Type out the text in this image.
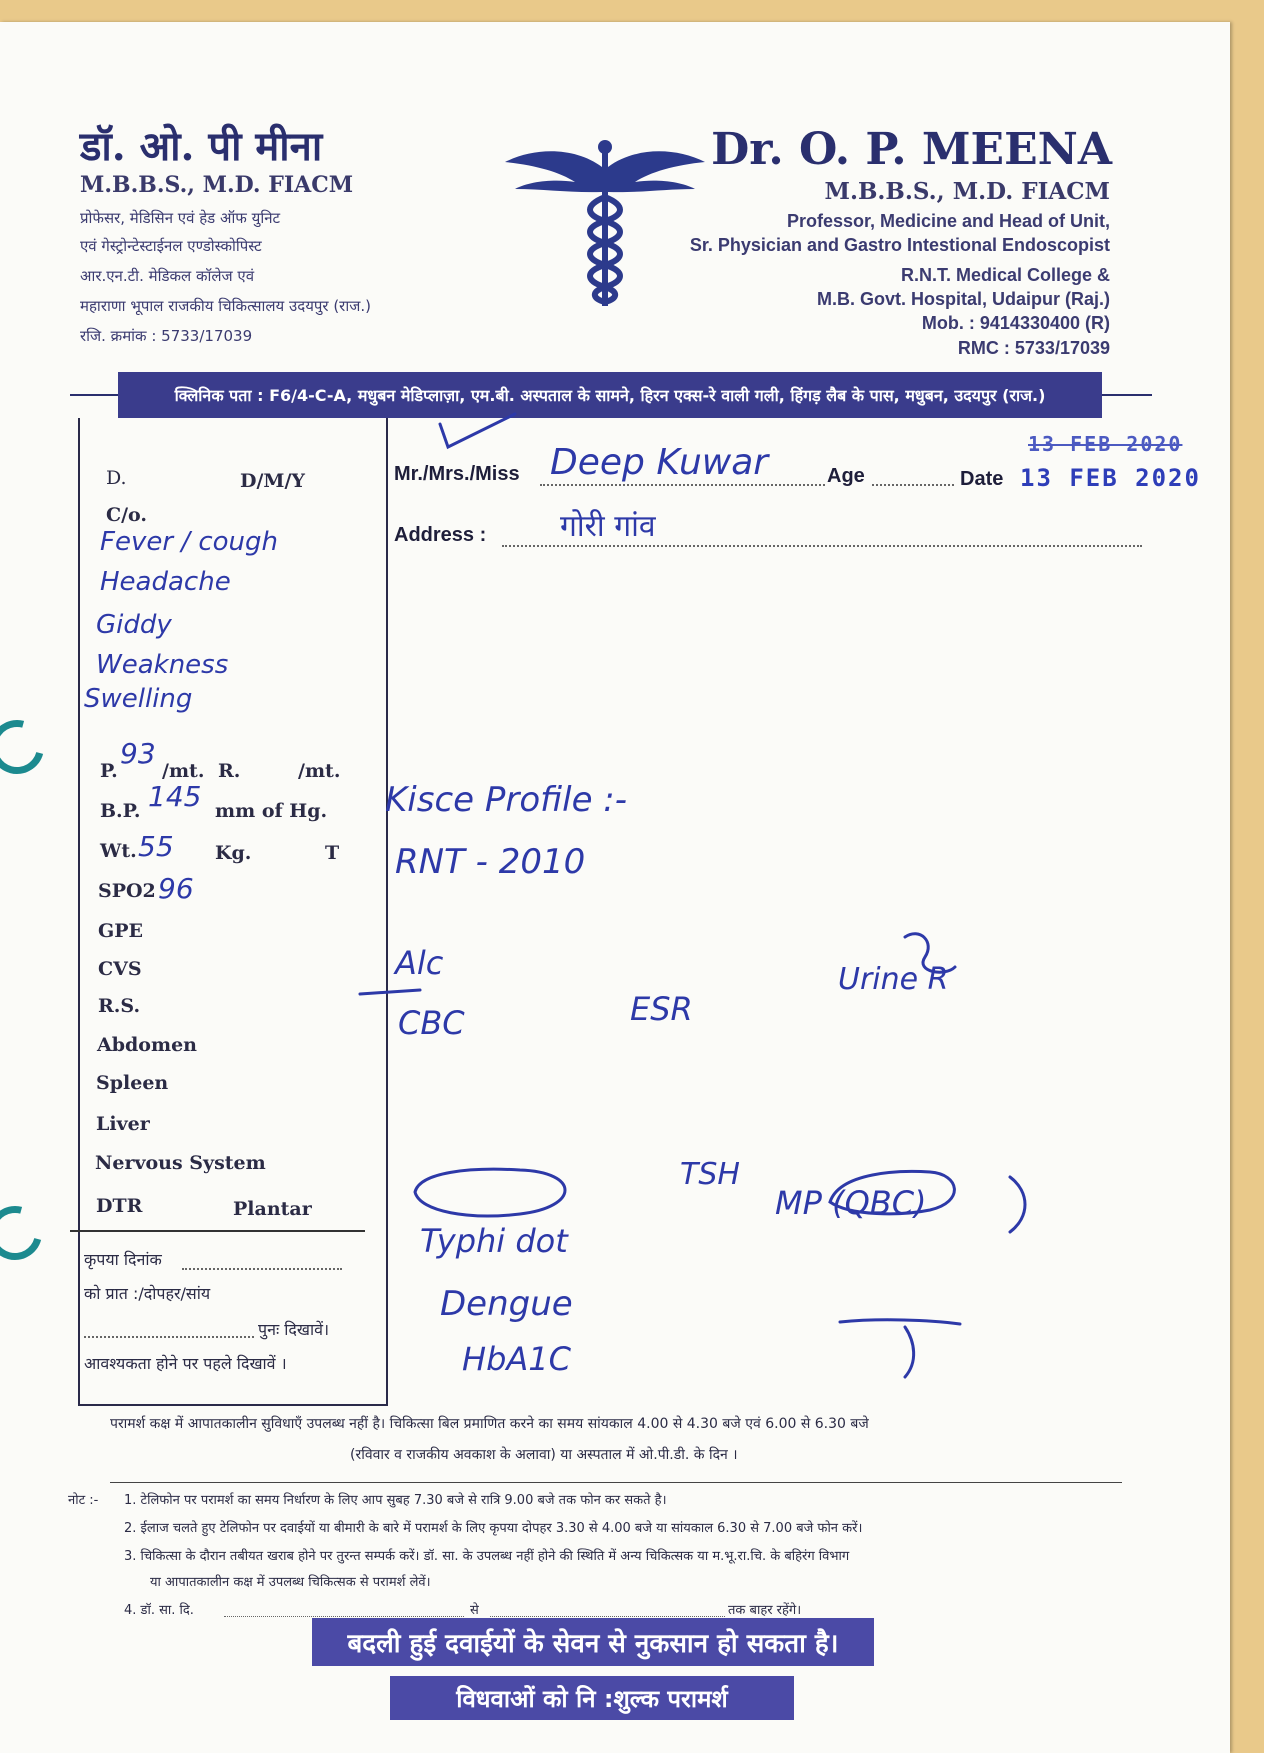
डॉ. ओ. पी मीना

M.B.B.S., M.D. FIACM

प्रोफेसर, मेडिसिन एवं हेड ऑफ युनिट

एवं गेस्ट्रोन्टेस्टाईनल एण्डोस्कोपिस्ट

आर.एन.टी. मेडिकल कॉलेज एवं

महाराणा भूपाल राजकीय चिकित्सालय उदयपुर (राज.)

रजि. क्रमांक : 5733/17039

Dr. O. P. MEENA

M.B.B.S., M.D. FIACM

Professor, Medicine and Head of Unit,

Sr. Physician and Gastro Intestional Endoscopist

R.N.T. Medical College &

M.B. Govt. Hospital, Udaipur (Raj.)

Mob. : 9414330400 (R)

RMC : 5733/17039

क्लिनिक पता : F6/4-C-A, मधुबन मेडिप्लाज़ा, एम.बी. अस्पताल के सामने, हिरन एक्स-रे वाली गली, हिंगड़ लैब के पास, मधुबन, उदयपुर (राज.)

D.	D/M/Y

C/o.

Fever / cough

Headache

Giddy

Weakness

Swelling

P.

93

/mt. R.	/mt.

B.P. 145 mm of Hg.

Wt. 55 Kg.	T

SPO2 96

GPE

CVS

R.S.

Abdomen

Spleen

Liver

Nervous System

DTR	Plantar

कृपया दिनांक

को प्रात :/दोपहर/सांय

पुनः दिखावें।

आवश्यकता होने पर पहले दिखावें ।

Mr./Mrs./Miss Deep Kuwar	Age	Date 13 FEB 2020

13 FEB 2020

Address : गोरी गांव

Kisce Profile :-

RNT - 2010

Alc

CBC	ESR

Urine R

TSH

MP (QBC)

Typhi dot

Dengue

HbA1C

परामर्श कक्ष में आपातकालीन सुविधाएँ उपलब्ध नहीं है। चिकित्सा बिल प्रमाणित करने का समय सांयकाल 4.00 से 4.30 बजे एवं 6.00 से 6.30 बजे

(रविवार व राजकीय अवकाश के अलावा) या अस्पताल में ओ.पी.डी. के दिन ।

नोट :- 1. टेलिफोन पर परामर्श का समय निर्धारण के लिए आप सुबह 7.30 बजे से रात्रि 9.00 बजे तक फोन कर सकते है।

2. ईलाज चलते हुए टेलिफोन पर दवाईयों या बीमारी के बारे में परामर्श के लिए कृपया दोपहर 3.30 से 4.00 बजे या सांयकाल 6.30 से 7.00 बजे फोन करें।

3. चिकित्सा के दौरान तबीयत खराब होने पर तुरन्त सम्पर्क करें। डॉ. सा. के उपलब्ध नहीं होने की स्थिति में अन्य चिकित्सक या म.भू.रा.चि. के बहिरंग विभाग

या आपातकालीन कक्ष में उपलब्ध चिकित्सक से परामर्श लेवें।

4. डॉ. सा. दि.	से	तक बाहर रहेंगे।

बदली हुई दवाईयों के सेवन से नुकसान हो सकता है।
विधवाओं को नि :शुल्क परामर्श
